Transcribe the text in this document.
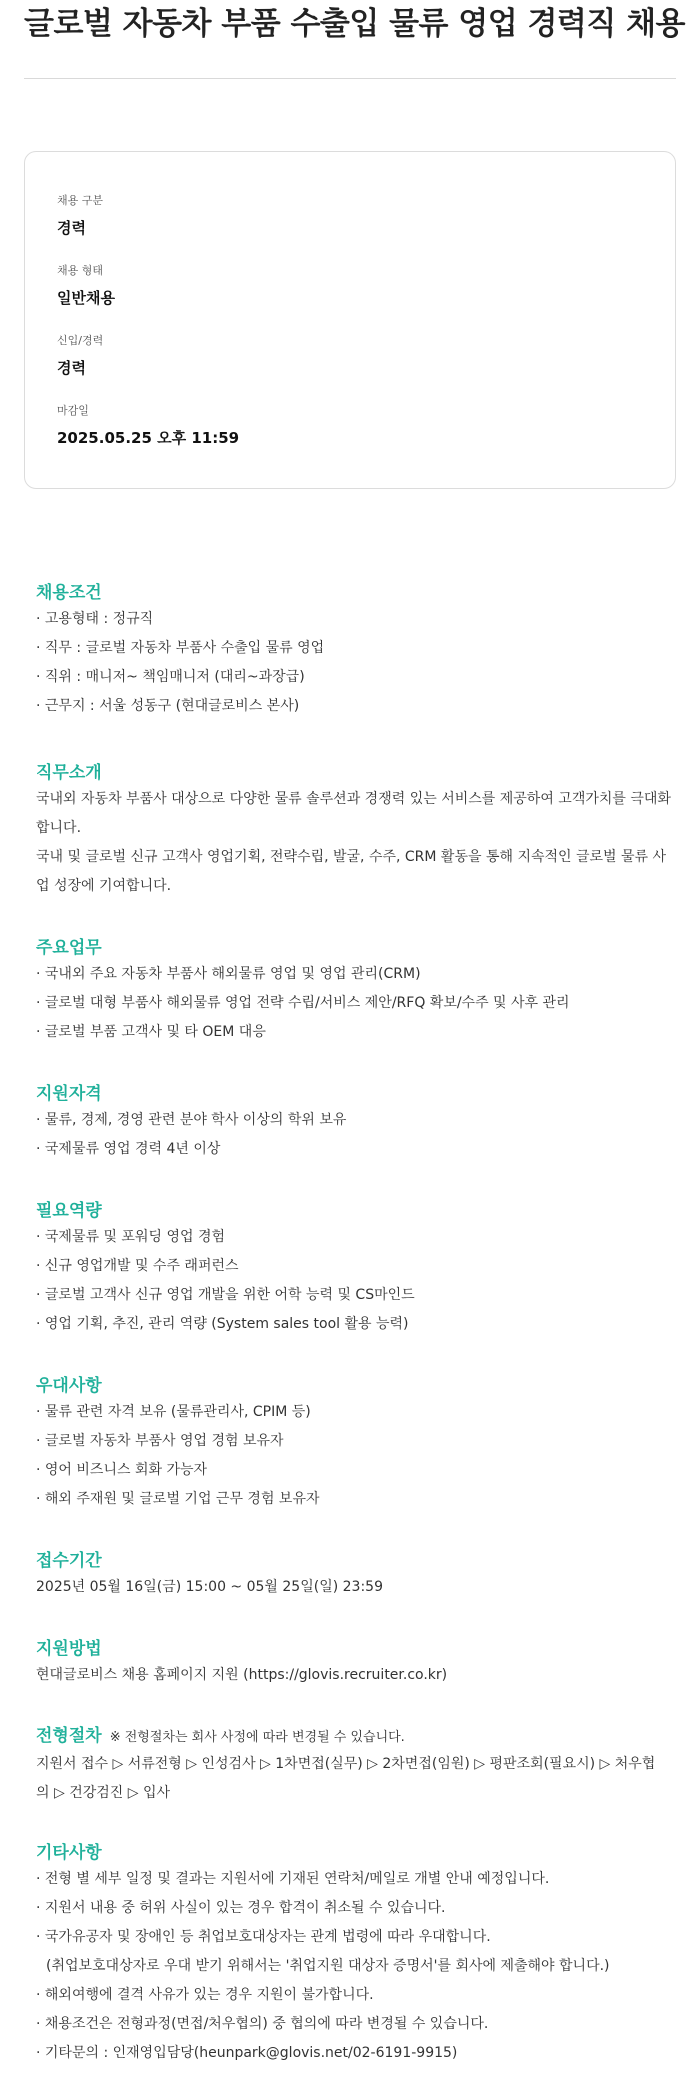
글로벌 자동차 부품 수출입 물류 영업 경력직 채용
채용 구분
경력
채용 형태
일반채용
신입/경력
경력
마감일
2025.05.25 오후 11:59
채용조건
· 고용형태 : 정규직
· 직무 : 글로벌 자동차 부품사 수출입 물류 영업
· 직위 : 매니저~ 책임매니저 (대리~과장급)
· 근무지 : 서울 성동구 (현대글로비스 본사)
직무소개
국내외 자동차 부품사 대상으로 다양한 물류 솔루션과 경쟁력 있는 서비스를 제공하여 고객가치를 극대화
합니다.
국내 및 글로벌 신규 고객사 영업기획, 전략수립, 발굴, 수주, CRM 활동을 통해 지속적인 글로벌 물류 사
업 성장에 기여합니다.
주요업무
· 국내외 주요 자동차 부품사 해외물류 영업 및 영업 관리(CRM)
· 글로벌 대형 부품사 해외물류 영업 전략 수립/서비스 제안/RFQ 확보/수주 및 사후 관리
· 글로벌 부품 고객사 및 타 OEM 대응
지원자격
· 물류, 경제, 경영 관련 분야 학사 이상의 학위 보유
· 국제물류 영업 경력 4년 이상
필요역량
· 국제물류 및 포워딩 영업 경험
· 신규 영업개발 및 수주 래퍼런스
· 글로벌 고객사 신규 영업 개발을 위한 어학 능력 및 CS마인드
· 영업 기획, 추진, 관리 역량 (System sales tool 활용 능력)
우대사항
· 물류 관련 자격 보유 (물류관리사, CPIM 등)
· 글로벌 자동차 부품사 영업 경험 보유자
· 영어 비즈니스 회화 가능자
· 해외 주재원 및 글로벌 기업 근무 경험 보유자
접수기간
2025년 05월 16일(금) 15:00 ~ 05월 25일(일) 23:59
지원방법
현대글로비스 채용 홈페이지 지원 (https://glovis.recruiter.co.kr)
전형절차 ※ 전형절차는 회사 사정에 따라 변경될 수 있습니다.
지원서 접수 ▷ 서류전형 ▷ 인성검사 ▷ 1차면접(실무) ▷ 2차면접(임원) ▷ 평판조회(필요시) ▷ 처우협
의 ▷ 건강검진 ▷ 입사
기타사항
· 전형 별 세부 일정 및 결과는 지원서에 기재된 연락처/메일로 개별 안내 예정입니다.
· 지원서 내용 중 허위 사실이 있는 경우 합격이 취소될 수 있습니다.
· 국가유공자 및 장애인 등 취업보호대상자는 관계 법령에 따라 우대합니다.
(취업보호대상자로 우대 받기 위해서는 '취업지원 대상자 증명서'를 회사에 제출해야 합니다.)
· 해외여행에 결격 사유가 있는 경우 지원이 불가합니다.
· 채용조건은 전형과정(면접/처우협의) 중 협의에 따라 변경될 수 있습니다.
· 기타문의 : 인재영입담당(heunpark@glovis.net/02-6191-9915)
